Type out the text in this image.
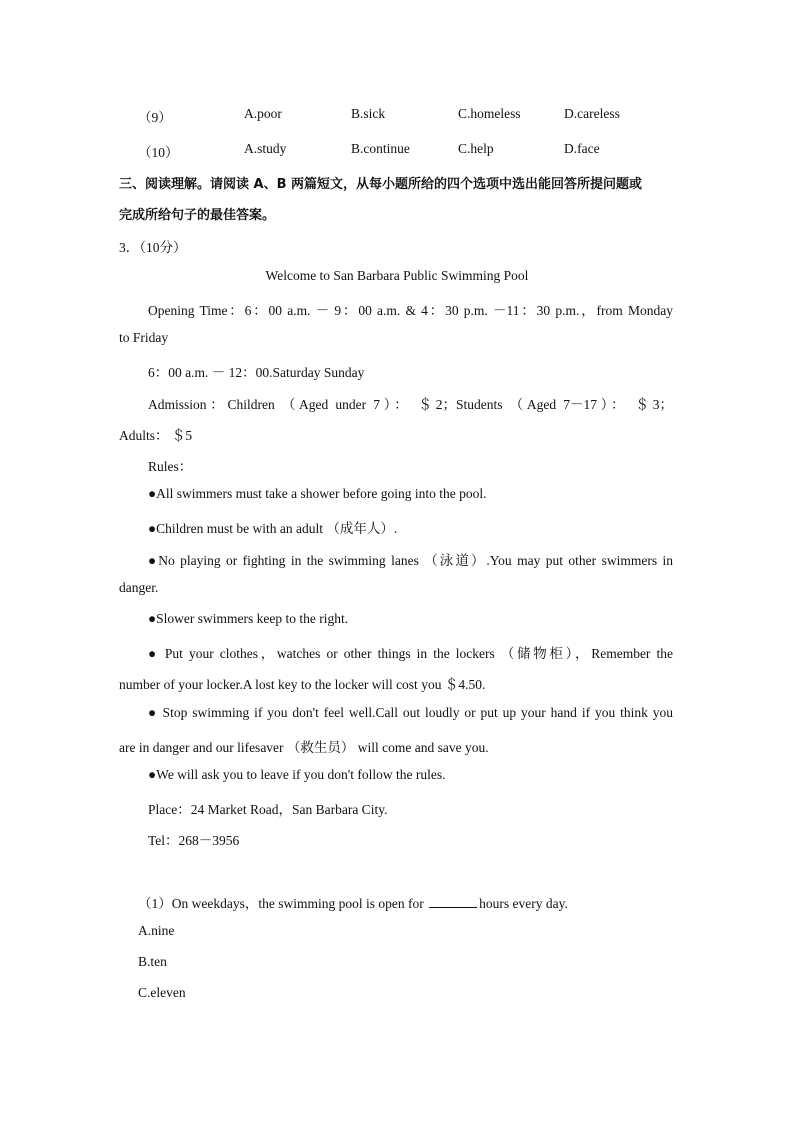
（9）	A.poor	B.sick	C.homeless	D.careless
（10）	A.study	B.continue	C.help	D.face
三、阅读理解。请阅读 A、B 两篇短文，从每小题所给的四个选项中选出能回答所提问题或
完成所给句子的最佳答案。
3．（10分）
Welcome to San Barbara Public Swimming Pool
Opening Time：6：00 a.m. － 9：00 a.m. & 4：30 p.m. －11：30 p.m.，from Monday
to Friday
6：00 a.m. － 12：00.Saturday Sunday
Admission：Children （Aged under 7）： ＄2；Students （Aged 7－17）： ＄3；
Adults： ＄5
Rules：
●All swimmers must take a shower before going into the pool.
●Children must be with an adult （成年人）.
●No playing or fighting in the swimming lanes （泳道）.You may put other swimmers in
danger.
●Slower swimmers keep to the right.
● Put your clothes，watches or other things in the lockers （储物柜），Remember the
number of your locker.A lost key to the locker will cost you ＄4.50.
● Stop swimming if you don't feel well.Call out loudly or put up your hand if you think you
are in danger and our lifesaver （救生员） will come and save you.
●We will ask you to leave if you don't follow the rules.
Place：24 Market Road，San Barbara City.
Tel：268－3956
（1）On weekdays，the swimming pool is open for	hours every day.
A.nine
B.ten
C.eleven
